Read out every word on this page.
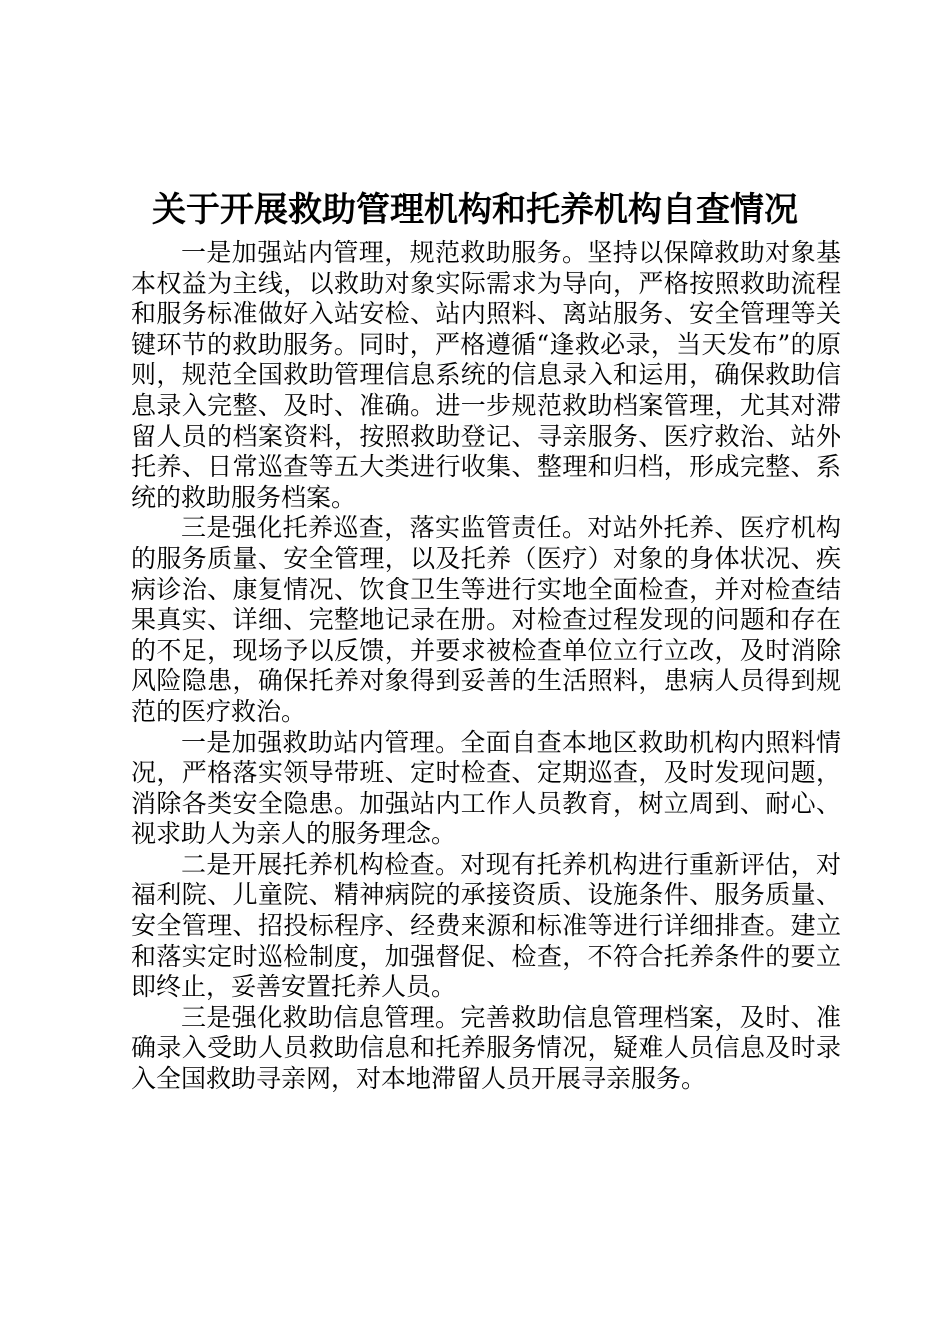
关于开展救助管理机构和托养机构自查情况

一是加强站内管理，规范救助服务。坚持以保障救助对象基本权益为主线，以救助对象实际需求为导向，严格按照救助流程和服务标准做好入站安检、站内照料、离站服务、安全管理等关键环节的救助服务。同时，严格遵循“逢救必录，当天发布”的原则，规范全国救助管理信息系统的信息录入和运用，确保救助信息录入完整、及时、准确。进一步规范救助档案管理，尤其对滞留人员的档案资料，按照救助登记、寻亲服务、医疗救治、站外托养、日常巡查等五大类进行收集、整理和归档，形成完整、系统的救助服务档案。

三是强化托养巡查，落实监管责任。对站外托养、医疗机构的服务质量、安全管理，以及托养（医疗）对象的身体状况、疾病诊治、康复情况、饮食卫生等进行实地全面检查，并对检查结果真实、详细、完整地记录在册。对检查过程发现的问题和存在的不足，现场予以反馈，并要求被检查单位立行立改，及时消除风险隐患，确保托养对象得到妥善的生活照料，患病人员得到规范的医疗救治。

一是加强救助站内管理。全面自查本地区救助机构内照料情况，严格落实领导带班、定时检查、定期巡查，及时发现问题，消除各类安全隐患。加强站内工作人员教育，树立周到、耐心、视求助人为亲人的服务理念。

二是开展托养机构检查。对现有托养机构进行重新评估，对福利院、儿童院、精神病院的承接资质、设施条件、服务质量、安全管理、招投标程序、经费来源和标准等进行详细排查。建立和落实定时巡检制度，加强督促、检查，不符合托养条件的要立即终止，妥善安置托养人员。

三是强化救助信息管理。完善救助信息管理档案，及时、准确录入受助人员救助信息和托养服务情况，疑难人员信息及时录入全国救助寻亲网，对本地滞留人员开展寻亲服务。
